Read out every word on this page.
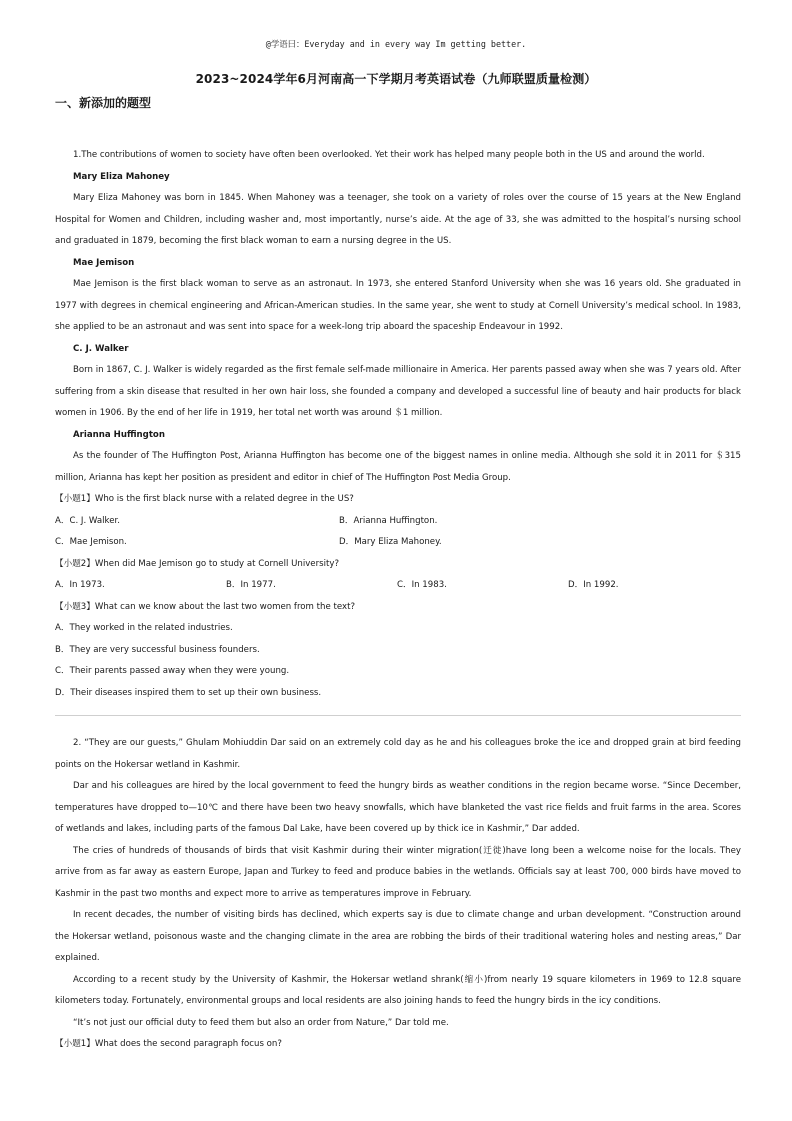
@学语曰：Everyday and in every way Im getting better.
2023~2024学年6月河南高一下学期月考英语试卷（九师联盟质量检测）
一、新添加的题型

1.The contributions of women to society have often been overlooked. Yet their work has helped many people both in the US and around the world.

Mary Eliza Mahoney

Mary Eliza Mahoney was born in 1845. When Mahoney was a teenager, she took on a variety of roles over the course of 15 years at the New England Hospital for Women and Children, including washer and, most importantly, nurse’s aide. At the age of 33, she was admitted to the hospital’s nursing school and graduated in 1879, becoming the first black woman to earn a nursing degree in the US.

Mae Jemison

Mae Jemison is the first black woman to serve as an astronaut. In 1973, she entered Stanford University when she was 16 years old. She graduated in 1977 with degrees in chemical engineering and African-American studies. In the same year, she went to study at Cornell University’s medical school. In 1983, she applied to be an astronaut and was sent into space for a week-long trip aboard the spaceship Endeavour in 1992.

C. J. Walker

Born in 1867, C. J. Walker is widely regarded as the first female self-made millionaire in America. Her parents passed away when she was 7 years old. After suffering from a skin disease that resulted in her own hair loss, she founded a company and developed a successful line of beauty and hair products for black women in 1906. By the end of her life in 1919, her total net worth was around ＄1 million.

Arianna Huffington

As the founder of The Huffington Post, Arianna Huffington has become one of the biggest names in online media. Although she sold it in 2011 for ＄315 million, Arianna has kept her position as president and editor in chief of The Huffington Post Media Group.

【小题1】Who is the first black nurse with a related degree in the US?

A．C. J. Walker.	B．Arianna Huffington.
C．Mae Jemison.	D．Mary Eliza Mahoney.

【小题2】When did Mae Jemison go to study at Cornell University?

A．In 1973.	B．In 1977.	C．In 1983.	D．In 1992.

【小题3】What can we know about the last two women from the text?

A．They worked in the related industries.

B．They are very successful business founders.

C．Their parents passed away when they were young.

D．Their diseases inspired them to set up their own business.

2. “They are our guests,” Ghulam Mohiuddin Dar said on an extremely cold day as he and his colleagues broke the ice and dropped grain at bird feeding points on the Hokersar wetland in Kashmir.

Dar and his colleagues are hired by the local government to feed the hungry birds as weather conditions in the region became worse. “Since December, temperatures have dropped to—10℃ and there have been two heavy snowfalls, which have blanketed the vast rice fields and fruit farms in the area. Scores of wetlands and lakes, including parts of the famous Dal Lake, have been covered up by thick ice in Kashmir,” Dar added.

The cries of hundreds of thousands of birds that visit Kashmir during their winter migration(迁徙)have long been a welcome noise for the locals. They arrive from as far away as eastern Europe, Japan and Turkey to feed and produce babies in the wetlands. Officials say at least 700, 000 birds have moved to Kashmir in the past two months and expect more to arrive as temperatures improve in February.

In recent decades, the number of visiting birds has declined, which experts say is due to climate change and urban development. “Construction around the Hokersar wetland, poisonous waste and the changing climate in the area are robbing the birds of their traditional watering holes and nesting areas,” Dar explained.

According to a recent study by the University of Kashmir, the Hokersar wetland shrank(缩小)from nearly 19 square kilometers in 1969 to 12.8 square kilometers today. Fortunately, environmental groups and local residents are also joining hands to feed the hungry birds in the icy conditions.

“It’s not just our official duty to feed them but also an order from Nature,” Dar told me.

【小题1】What does the second paragraph focus on?
